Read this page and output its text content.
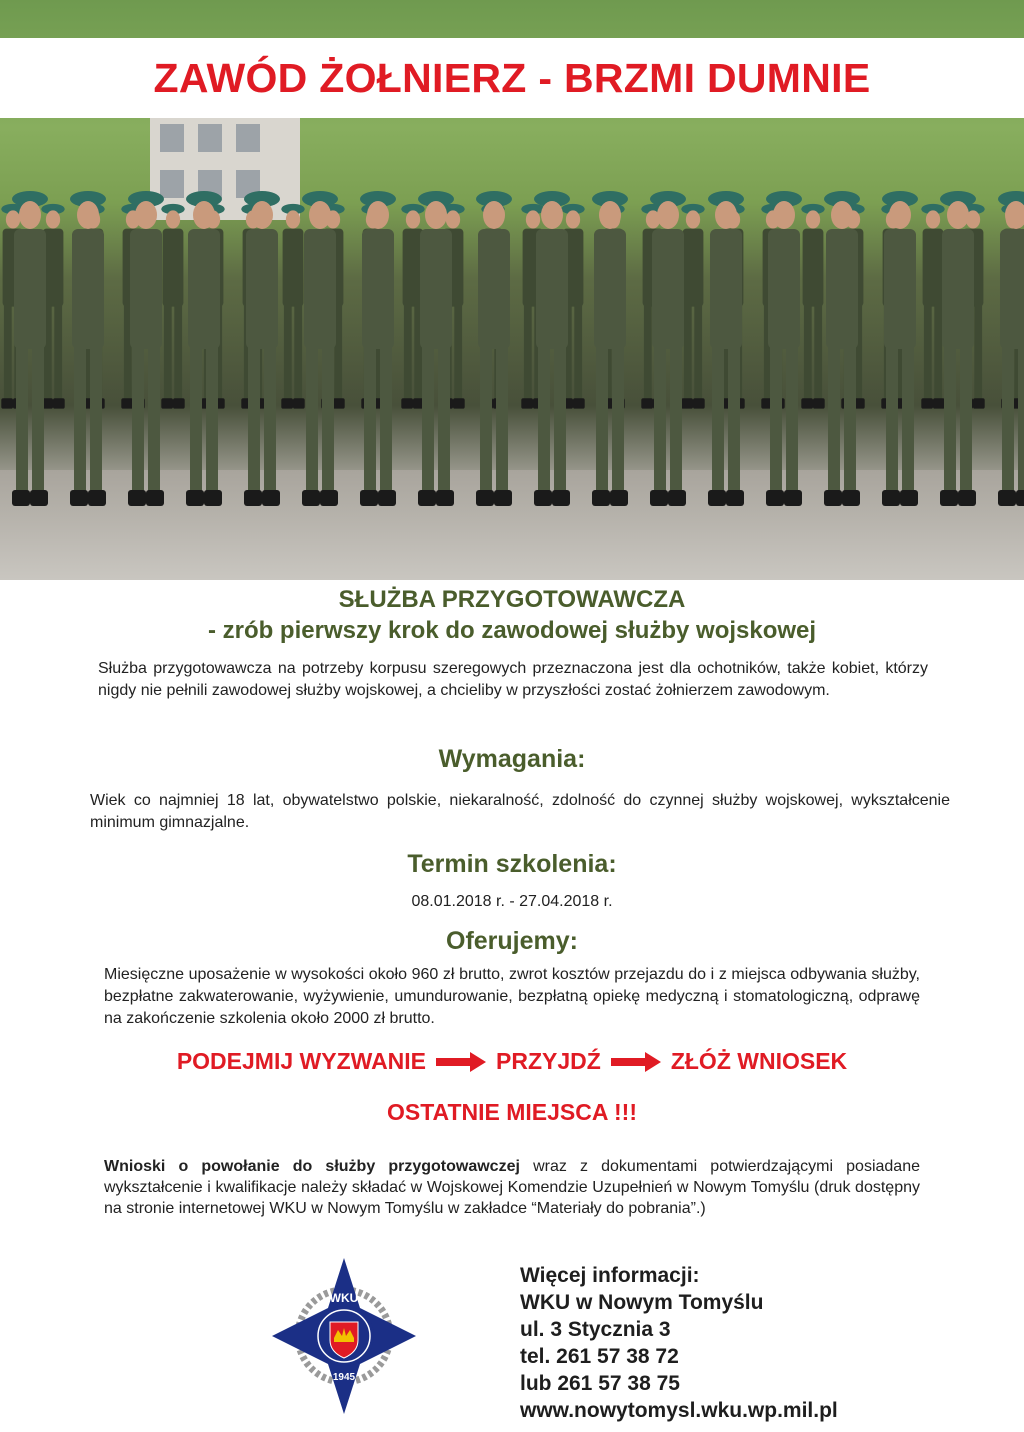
ZAWÓD ŻOŁNIERZ - BRZMI DUMNIE

SŁUŻBA PRZYGOTOWAWCZA

- zrób pierwszy krok do zawodowej służby wojskowej

Służba przygotowawcza na potrzeby korpusu szeregowych przeznaczona jest dla ochotników, także kobiet, którzy nigdy nie pełnili zawodowej służby wojskowej, a chcieliby w przyszłości zostać żołnierzem zawodowym.

Wymagania:

Wiek co najmniej 18 lat, obywatelstwo polskie, niekaralność, zdolność do czynnej służby wojskowej, wykształcenie minimum gimnazjalne.

Termin szkolenia:

08.01.2018 r. - 27.04.2018 r.

Oferujemy:

Miesięczne uposażenie w wysokości około 960 zł brutto, zwrot kosztów przejazdu do i z miejsca odbywania służby, bezpłatne zakwaterowanie, wyżywienie, umundurowanie, bezpłatną opiekę medyczną i stomatologiczną, odprawę na zakończenie szkolenia około 2000 zł brutto.

PODEJMIJ WYZWANIE	PRZYJDŹ	ZŁÓŻ WNIOSEK

OSTATNIE MIEJSCA !!!

Wnioski o powołanie do służby przygotowawczej wraz z dokumentami potwierdzającymi posiadane wykształcenie i kwalifikacje należy składać w Wojskowej Komendzie Uzupełnień w Nowym Tomyślu (druk dostępny na stronie internetowej WKU w Nowym Tomyślu w zakładce “Materiały do pobrania”.)

WKU
1945
Więcej informacji:
WKU w Nowym Tomyślu
ul. 3 Stycznia 3
tel. 261 57 38 72
lub 261 57 38 75
www.nowytomysl.wku.wp.mil.pl
